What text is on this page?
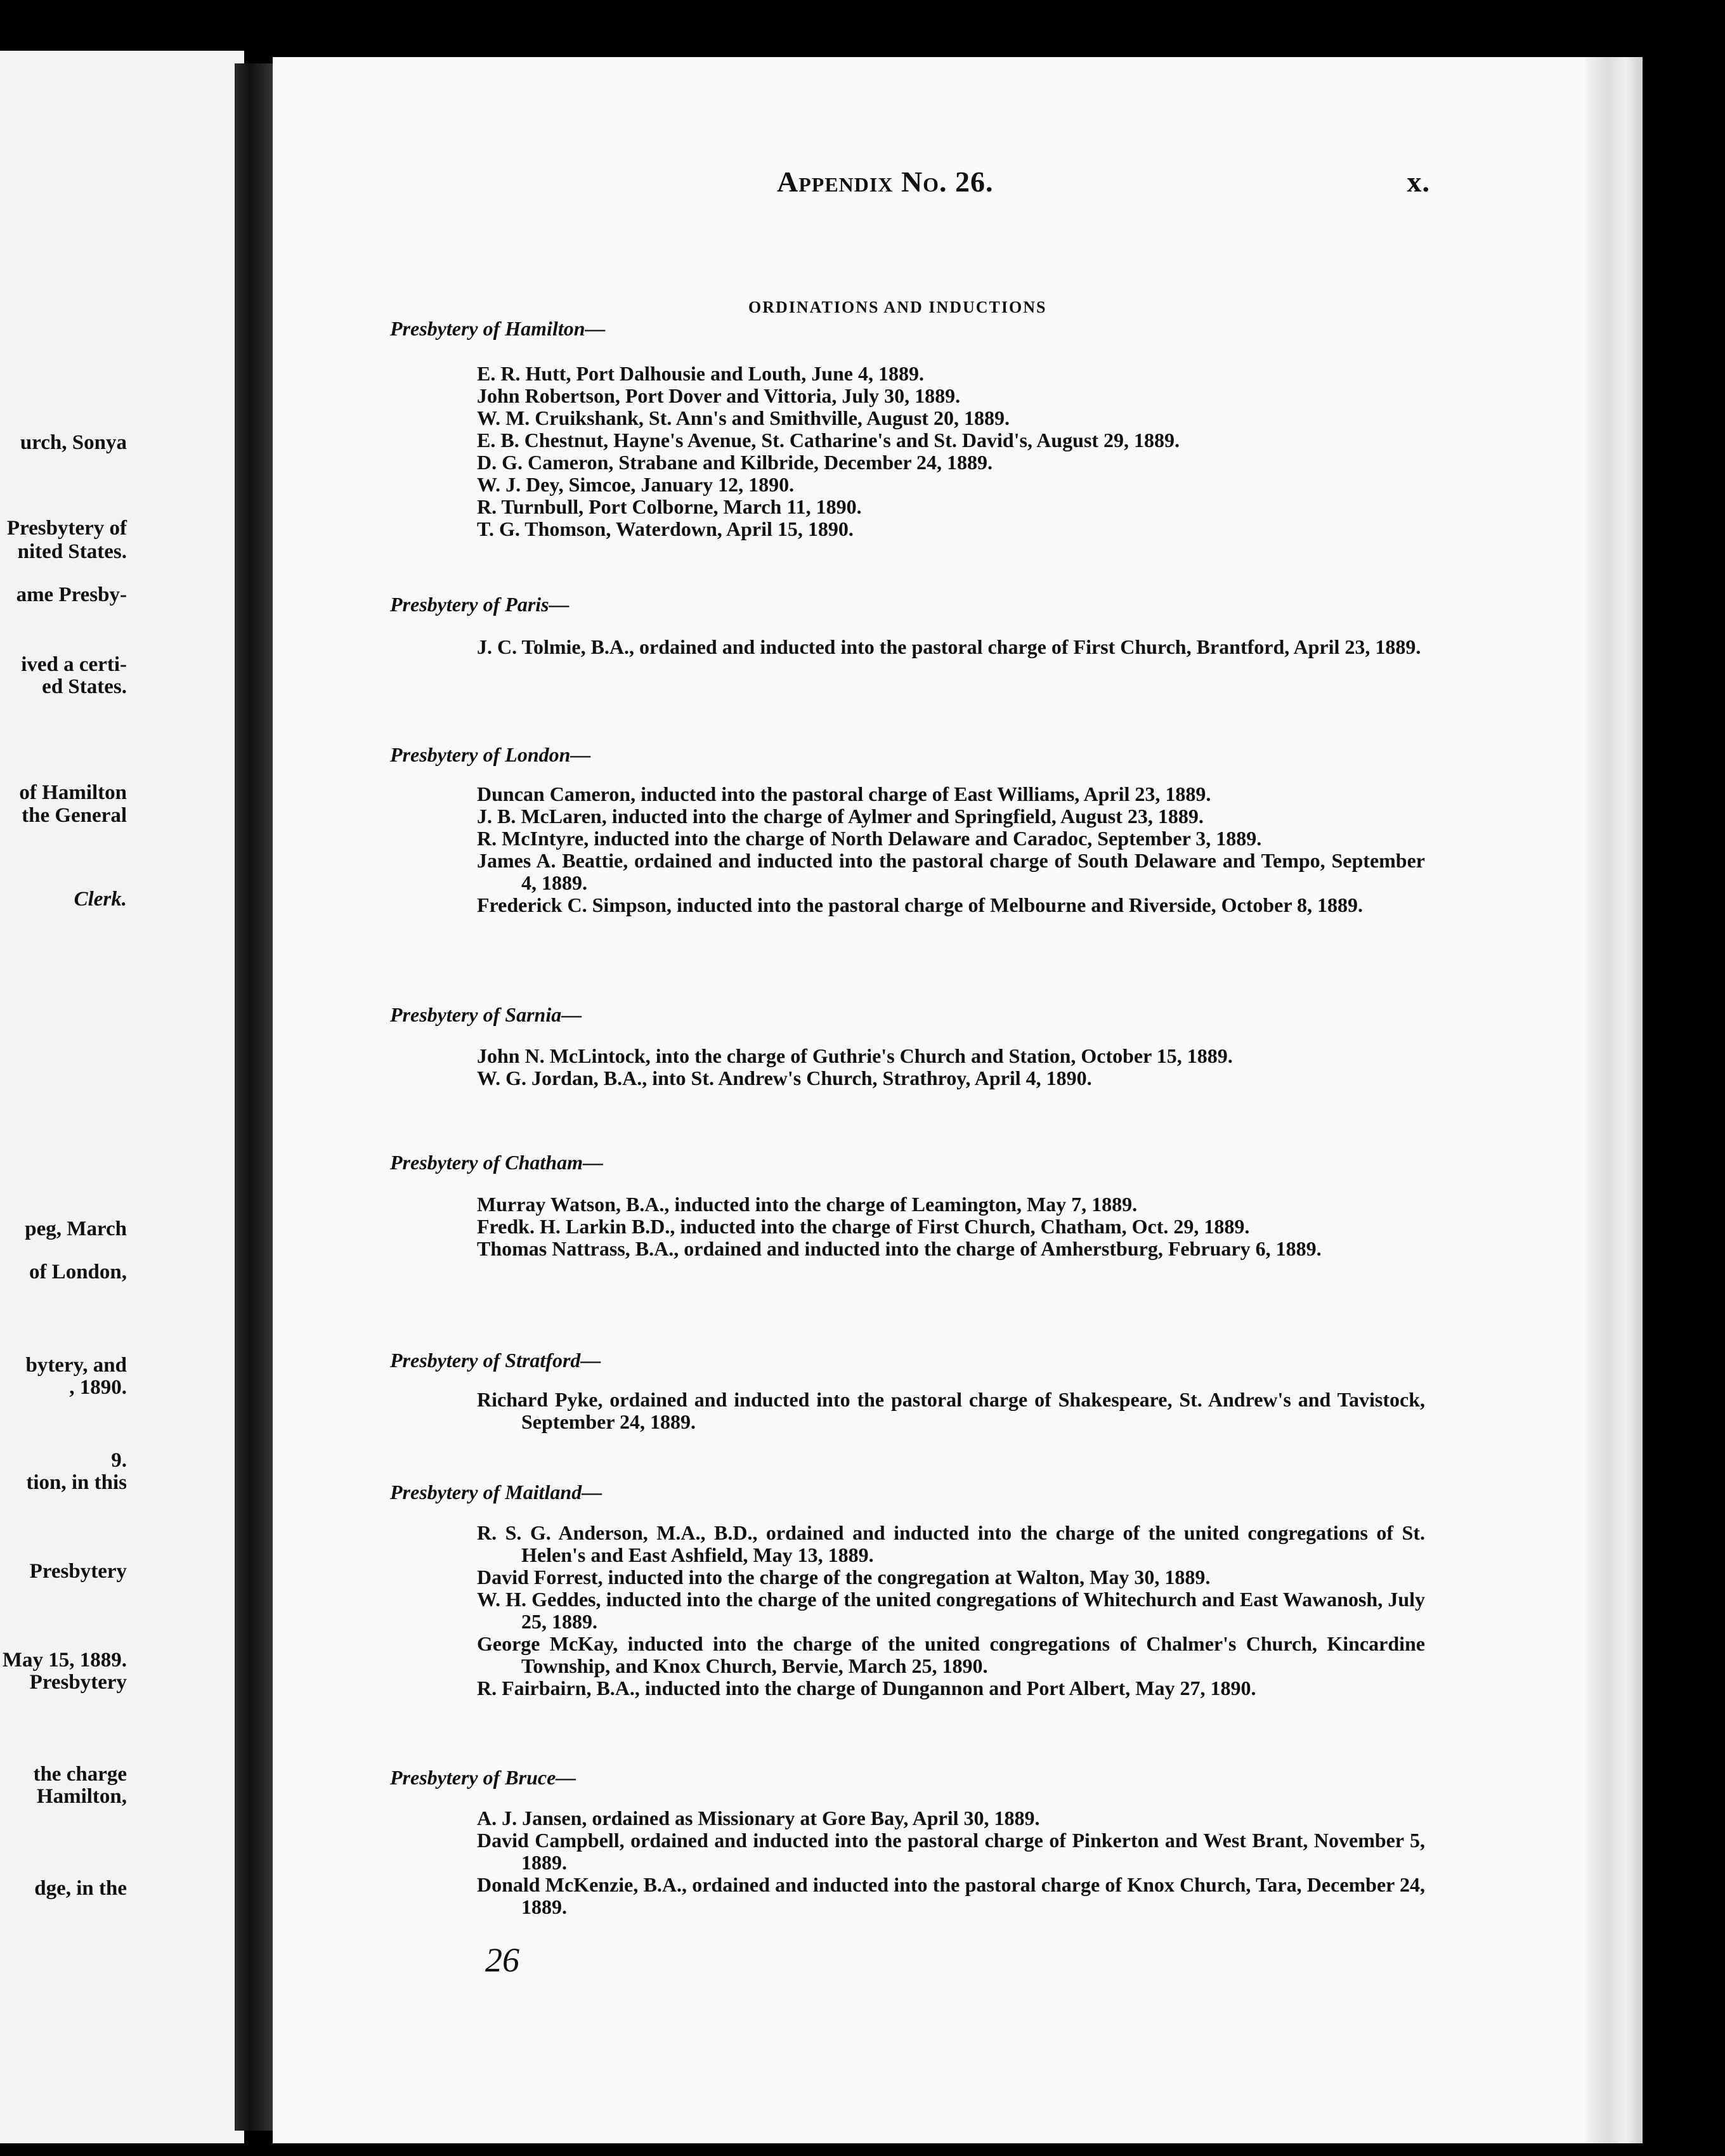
urch, Sonya
Presbytery of
nited States.
ame Presby-
ived a certi-
ed States.
of Hamilton
the General
Clerk.
peg, March
of London,
bytery, and
, 1890.
9.
tion, in this
Presbytery
May 15, 1889.
Presbytery
the charge
Hamilton,
dge, in the
Appendix No. 26.	x.
ORDINATIONS AND INDUCTIONS
Presbytery of Hamilton—

E. R. Hutt, Port Dalhousie and Louth, June 4, 1889.

John Robertson, Port Dover and Vittoria, July 30, 1889.

W. M. Cruikshank, St. Ann's and Smithville, August 20, 1889.

E. B. Chestnut, Hayne's Avenue, St. Catharine's and St. David's, August 29, 1889.

D. G. Cameron, Strabane and Kilbride, December 24, 1889.

W. J. Dey, Simcoe, January 12, 1890.

R. Turnbull, Port Colborne, March 11, 1890.

T. G. Thomson, Waterdown, April 15, 1890.

Presbytery of Paris—

J. C. Tolmie, B.A., ordained and inducted into the pastoral charge of First Church, Brantford, April 23, 1889.

Presbytery of London—

Duncan Cameron, inducted into the pastoral charge of East Williams, April 23, 1889.

J. B. McLaren, inducted into the charge of Aylmer and Springfield, August 23, 1889.

R. McIntyre, inducted into the charge of North Delaware and Caradoc, September 3, 1889.

James A. Beattie, ordained and inducted into the pastoral charge of South Delaware and Tempo, September 4, 1889.

Frederick C. Simpson, inducted into the pastoral charge of Melbourne and Riverside, October 8, 1889.

Presbytery of Sarnia—

John N. McLintock, into the charge of Guthrie's Church and Station, October 15, 1889.

W. G. Jordan, B.A., into St. Andrew's Church, Strathroy, April 4, 1890.

Presbytery of Chatham—

Murray Watson, B.A., inducted into the charge of Leamington, May 7, 1889.

Fredk. H. Larkin B.D., inducted into the charge of First Church, Chatham, Oct. 29, 1889.

Thomas Nattrass, B.A., ordained and inducted into the charge of Amherstburg, February 6, 1889.

Presbytery of Stratford—

Richard Pyke, ordained and inducted into the pastoral charge of Shakespeare, St. Andrew's and Tavistock, September 24, 1889.

Presbytery of Maitland—

R. S. G. Anderson, M.A., B.D., ordained and inducted into the charge of the united congregations of St. Helen's and East Ashfield, May 13, 1889.

David Forrest, inducted into the charge of the congregation at Walton, May 30, 1889.

W. H. Geddes, inducted into the charge of the united congregations of Whitechurch and East Wawanosh, July 25, 1889.

George McKay, inducted into the charge of the united congregations of Chalmer's Church, Kincardine Township, and Knox Church, Bervie, March 25, 1890.

R. Fairbairn, B.A., inducted into the charge of Dungannon and Port Albert, May 27, 1890.

Presbytery of Bruce—

A. J. Jansen, ordained as Missionary at Gore Bay, April 30, 1889.

David Campbell, ordained and inducted into the pastoral charge of Pinkerton and West Brant, November 5, 1889.

Donald McKenzie, B.A., ordained and inducted into the pastoral charge of Knox Church, Tara, December 24, 1889.

26
